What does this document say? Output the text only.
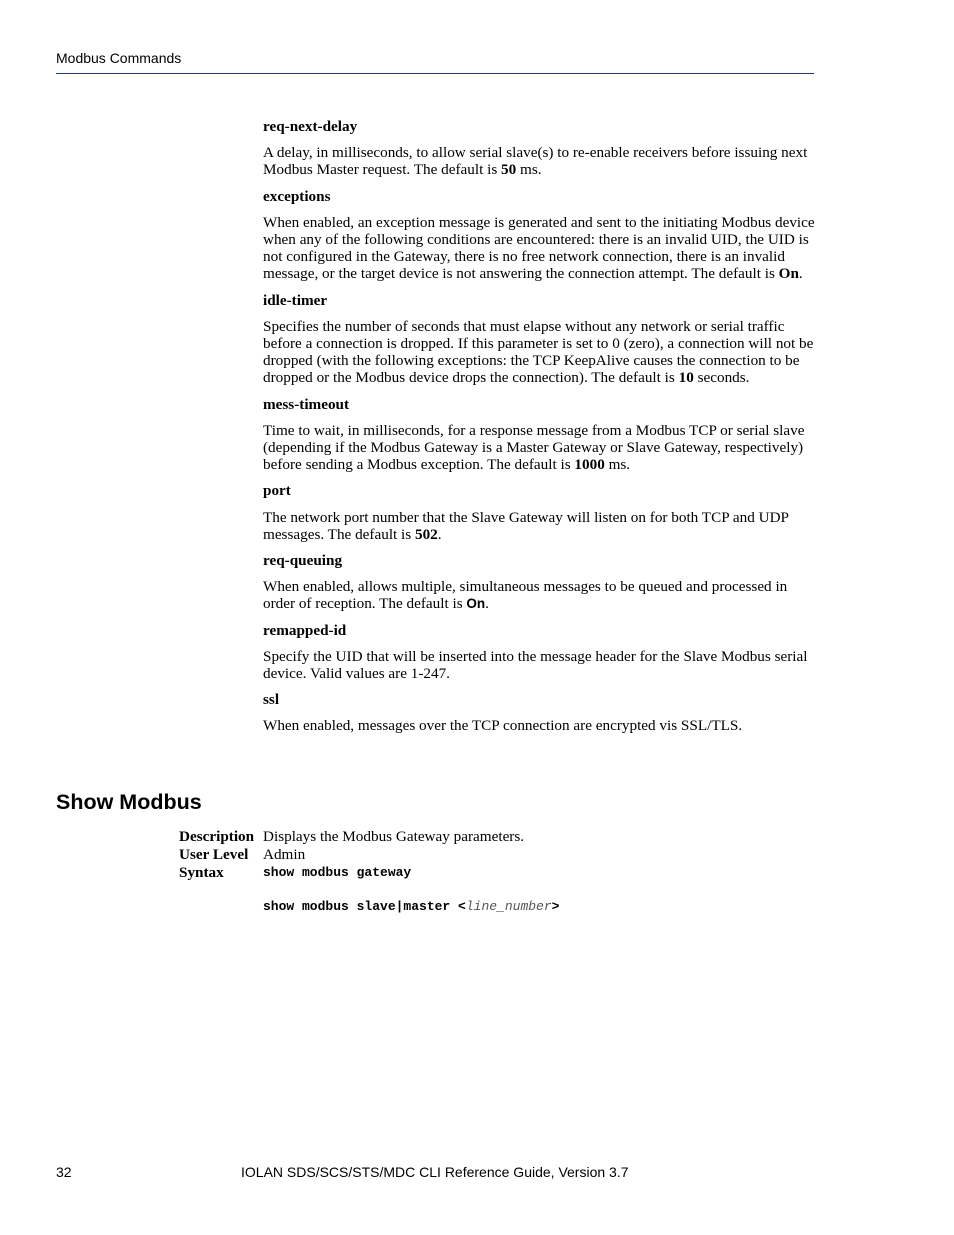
Modbus Commands
req-next-delay

A delay, in milliseconds, to allow serial slave(s) to re-enable receivers before issuing next Modbus Master request. The default is 50 ms.

exceptions

When enabled, an exception message is generated and sent to the initiating Modbus device when any of the following conditions are encountered: there is an invalid UID, the UID is not configured in the Gateway, there is no free network connection, there is an invalid message, or the target device is not answering the connection attempt. The default is On.

idle-timer

Specifies the number of seconds that must elapse without any network or serial traffic before a connection is dropped. If this parameter is set to 0 (zero), a connection will not be dropped (with the following exceptions: the TCP KeepAlive causes the connection to be dropped or the Modbus device drops the connection). The default is 10 seconds.

mess-timeout

Time to wait, in milliseconds, for a response message from a Modbus TCP or serial slave (depending if the Modbus Gateway is a Master Gateway or Slave Gateway, respectively) before sending a Modbus exception. The default is 1000 ms.

port

The network port number that the Slave Gateway will listen on for both TCP and UDP messages. The default is 502.

req-queuing

When enabled, allows multiple, simultaneous messages to be queued and processed in order of reception. The default is On.

remapped-id

Specify the UID that will be inserted into the message header for the Slave Modbus serial device. Valid values are 1-247.

ssl

When enabled, messages over the TCP connection are encrypted vis SSL/TLS.

Show Modbus
Description	Displays the Modbus Gateway parameters.
User Level	Admin
Syntax	show modbus gateway
show modbus slave|master <line_number>
32	IOLAN SDS/SCS/STS/MDC CLI Reference Guide, Version 3.7
